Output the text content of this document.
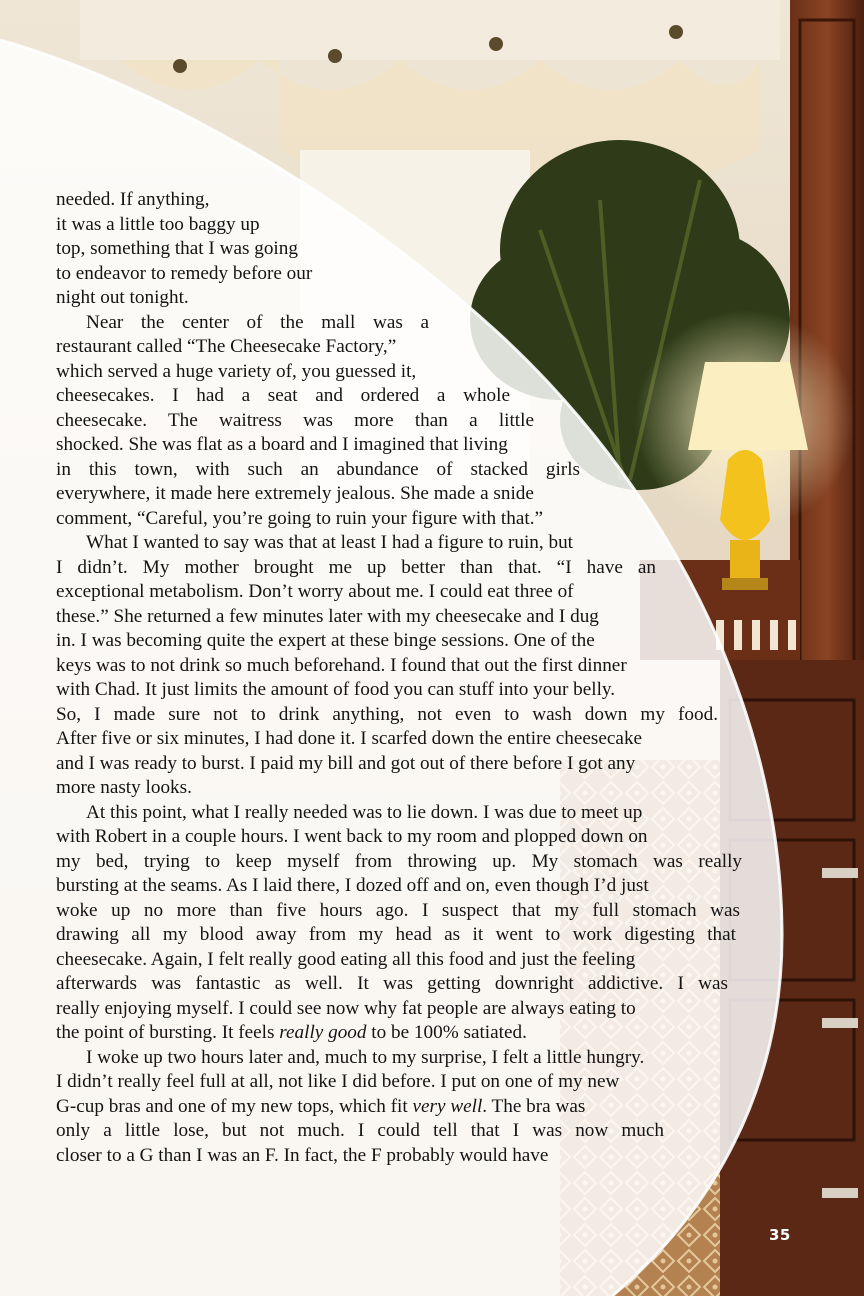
needed. If anything,

it was a little too baggy up

top, something that I was going

to endeavor to remedy before our

night out tonight.

Near the center of the mall was a

restaurant called “The Cheesecake Factory,”

which served a huge variety of, you guessed it,

cheesecakes. I had a seat and ordered a whole

cheesecake. The waitress was more than a little

shocked. She was flat as a board and I imagined that living

in this town, with such an abundance of stacked girls

everywhere, it made here extremely jealous. She made a snide

comment, “Careful, you’re going to ruin your figure with that.”

What I wanted to say was that at least I had a figure to ruin, but

I didn’t. My mother brought me up better than that. “I have an

exceptional metabolism. Don’t worry about me. I could eat three of

these.” She returned a few minutes later with my cheesecake and I dug

in. I was becoming quite the expert at these binge sessions. One of the

keys was to not drink so much beforehand. I found that out the first dinner

with Chad. It just limits the amount of food you can stuff into your belly.

So, I made sure not to drink anything, not even to wash down my food.

After five or six minutes, I had done it. I scarfed down the entire cheesecake

and I was ready to burst. I paid my bill and got out of there before I got any

more nasty looks.

At this point, what I really needed was to lie down. I was due to meet up

with Robert in a couple hours. I went back to my room and plopped down on

my bed, trying to keep myself from throwing up. My stomach was really

bursting at the seams. As I laid there, I dozed off and on, even though I’d just

woke up no more than five hours ago. I suspect that my full stomach was

drawing all my blood away from my head as it went to work digesting that

cheesecake. Again, I felt really good eating all this food and just the feeling

afterwards was fantastic as well. It was getting downright addictive. I was

really enjoying myself. I could see now why fat people are always eating to

the point of bursting. It feels really good to be 100% satiated.

I woke up two hours later and, much to my surprise, I felt a little hungry.

I didn’t really feel full at all, not like I did before. I put on one of my new

G-cup bras and one of my new tops, which fit very well. The bra was

only a little lose, but not much. I could tell that I was now much

closer to a G than I was an F. In fact, the F probably would have

35
